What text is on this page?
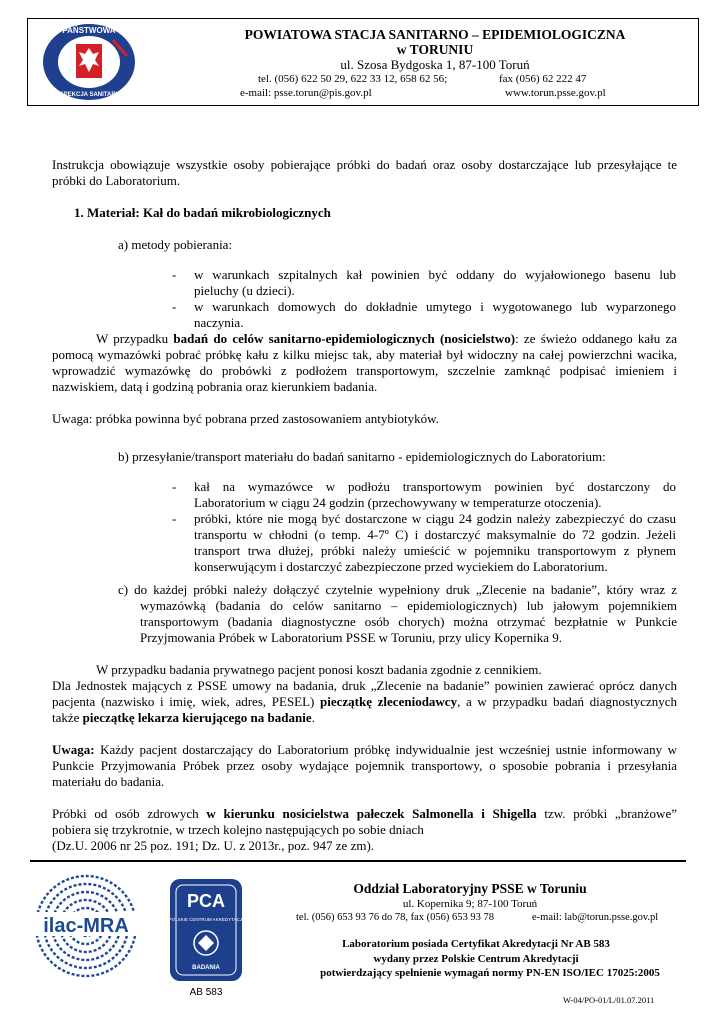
PAŃSTWOWA
INSPEKCJA SANITARNA
POWIATOWA STACJA SANITARNO – EPIDEMIOLOGICZNA
w TORUNIU
ul. Szosa Bydgoska 1, 87-100 Toruń
tel. (056) 622 50 29, 622 33 12, 658 62 56;	fax (056) 62 222 47
e-mail: psse.torun@pis.gov.pl	www.torun.psse.gov.pl
Instrukcja obowiązuje wszystkie osoby pobierające próbki do badań oraz osoby dostarczające lub przesyłające te
próbki do Laboratorium.
1. Materiał: Kał do badań mikrobiologicznych
a) metody pobierania:
-	w warunkach szpitalnych kał powinien być oddany do wyjałowionego basenu lub
pieluchy (u dzieci).
-	w warunkach domowych do dokładnie umytego i wygotowanego lub wyparzonego
naczynia.
W przypadku badań do celów sanitarno-epidemiologicznych (nosicielstwo): ze świeżo oddanego kału za
pomocą wymazówki pobrać próbkę kału z kilku miejsc tak, aby materiał był widoczny na całej powierzchni wacika,
wprowadzić wymazówkę do probówki z podłożem transportowym, szczelnie zamknąć podpisać imieniem i
nazwiskiem, datą i godziną pobrania oraz kierunkiem badania.
Uwaga: próbka powinna być pobrana przed zastosowaniem antybiotyków.
b) przesyłanie/transport materiału do badań sanitarno - epidemiologicznych do Laboratorium:
-	kał na wymazówce w podłożu transportowym powinien być dostarczony do
Laboratorium w ciągu 24 godzin (przechowywany w temperaturze otoczenia).
-	próbki, które nie mogą być dostarczone w ciągu 24 godzin należy zabezpieczyć do czasu
transportu w chłodni (o temp. 4-7º C) i dostarczyć maksymalnie do 72 godzin. Jeżeli
transport trwa dłużej, próbki należy umieścić w pojemniku transportowym z płynem
konserwującym i dostarczyć zabezpieczone przed wyciekiem do Laboratorium.
c) do każdej próbki należy dołączyć czytelnie wypełniony druk „Zlecenie na badanie”, który wraz z
wymazówką (badania do celów sanitarno – epidemiologicznych) lub jałowym pojemnikiem
transportowym (badania diagnostyczne osób chorych) można otrzymać bezpłatnie w Punkcie
Przyjmowania Próbek w Laboratorium PSSE w Toruniu, przy ulicy Kopernika 9.
W przypadku badania prywatnego pacjent ponosi koszt badania zgodnie z cennikiem.
Dla Jednostek mających z PSSE umowy na badania, druk „Zlecenie na badanie” powinien zawierać oprócz danych
pacjenta (nazwisko i imię, wiek, adres, PESEL) pieczątkę zleceniodawcy, a w przypadku badań diagnostycznych
także pieczątkę lekarza kierującego na badanie.
Uwaga: Każdy pacjent dostarczający do Laboratorium próbkę indywidualnie jest wcześniej ustnie informowany w
Punkcie Przyjmowania Próbek przez osoby wydające pojemnik transportowy, o sposobie pobrania i przesyłania
materiału do badania.
Próbki od osób zdrowych w kierunku nosicielstwa pałeczek Salmonella i Shigella tzw. próbki „branżowe”
pobiera się trzykrotnie, w trzech kolejno następujących po sobie dniach
(Dz.U. 2006 nr 25 poz. 191; Dz. U. z 2013r., poz. 947 ze zm).
ilac-MRA
PCA
POLSKIE CENTRUM AKREDYTACJI
BADANIA
AB 583
Oddział Laboratoryjny PSSE w Toruniu
ul. Kopernika 9; 87-100 Toruń
tel. (056) 653 93 76 do 78, fax (056) 653 93 78	e-mail: lab@torun.psse.gov.pl
Laboratorium posiada Certyfikat Akredytacji Nr AB 583
wydany przez Polskie Centrum Akredytacji
potwierdzający spełnienie wymagań normy PN-EN ISO/IEC 17025:2005
W-04/PO-01/L/01.07.2011
